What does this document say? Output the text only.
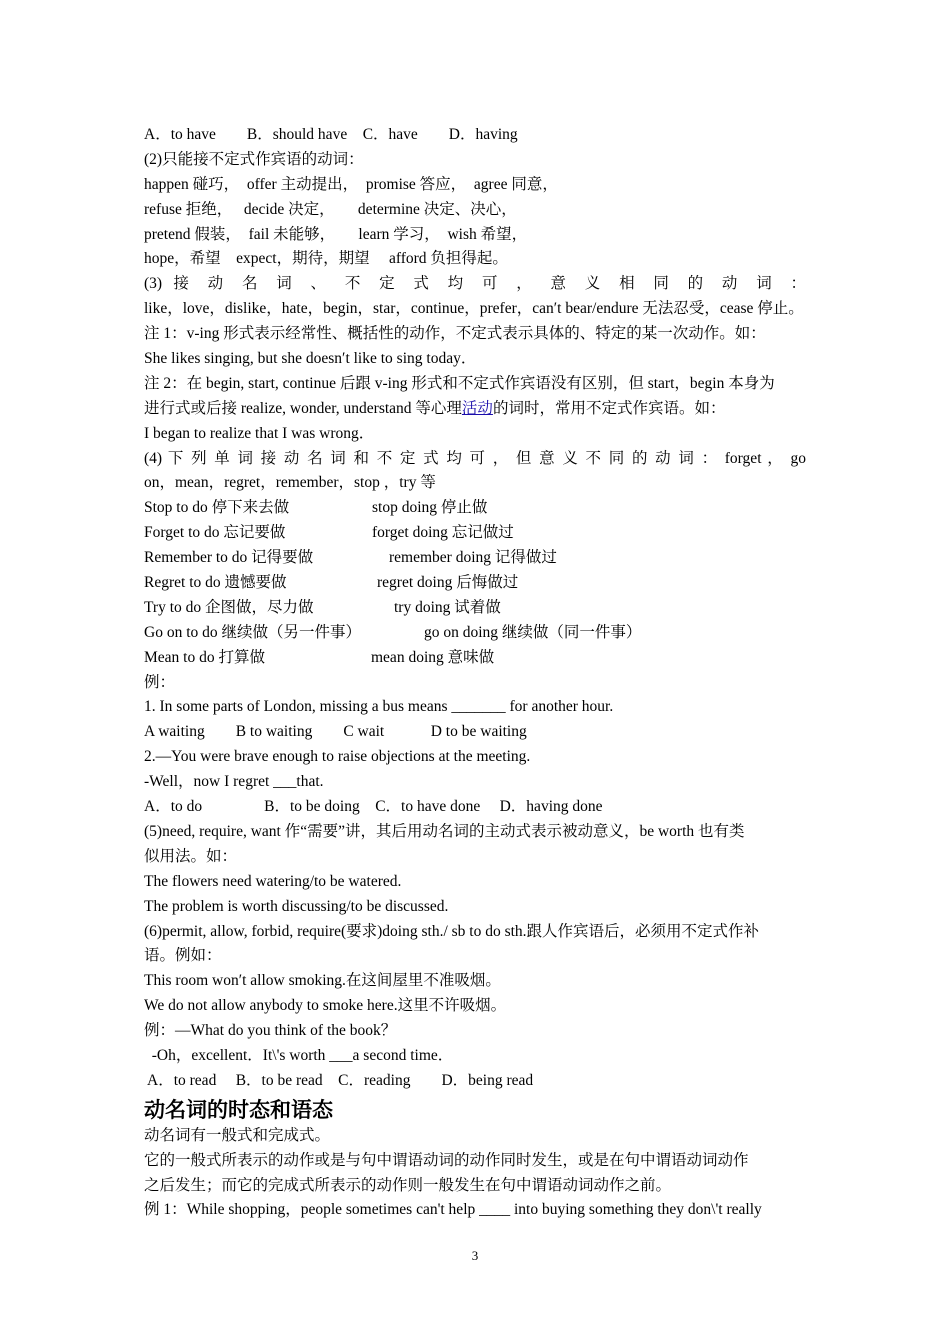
A．to have　　B．should have　C．have　　D．having
(2)只能接不定式作宾语的动词：
happen 碰巧，　offer 主动提出，　promise 答应，　agree 同意，
refuse 拒绝，　 decide 决定，　　determine 决定、决心，
pretend 假装，　fail 未能够，　　learn 学习，　wish 希望，
hope，希望　expect，期待，期望　 afford 负担得起。
(3) 接 动 名 词 、 不 定 式 均 可 ， 意 义 相 同 的 动 词 ：
like，love，dislike，hate，begin，star，continue，prefer，can′t bear/endure 无法忍受，cease 停止。
注 1：v-ing 形式表示经常性、概括性的动作，不定式表示具体的、特定的某一次动作。如：
She likes singing, but she doesn′t like to sing today．
注 2：在 begin, start, continue 后跟 v-ing 形式和不定式作宾语没有区别，但 start，begin 本身为
进行式或后接 realize, wonder, understand 等心理活动的词时，常用不定式作宾语。如：
I began to realize that I was wrong．
(4) 下 列 单 词 接 动 名 词 和 不 定 式 均 可 ， 但 意 义 不 同 的 动 词 ： forget ， go
on，mean，regret，remember，stop ，try 等
Stop to do 停下来去做	stop doing 停止做
Forget to do 忘记要做	forget doing 忘记做过
Remember to do 记得要做	remember doing 记得做过
Regret to do 遗憾要做	regret doing 后悔做过
Try to do 企图做，尽力做	try doing 试着做
Go on to do 继续做（另一件事）	go on doing 继续做（同一件事）
Mean to do 打算做	mean doing 意味做
例：
1. In some parts of London, missing a bus means _______ for another hour.
A waiting　　B to waiting　　C wait　　　D to be waiting
2.—You were brave enough to raise objections at the meeting.
-Well，now I regret ___that.
A．to do　　　　B．to be doing　C．to have done　 D．having done
(5)need, require, want 作“需要”讲，其后用动名词的主动式表示被动意义，be worth 也有类
似用法。如：
The flowers need watering/to be watered.
The problem is worth discussing/to be discussed.
(6)permit, allow, forbid, require(要求)doing sth./ sb to do sth.跟人作宾语后，必须用不定式作补
语。例如：
This room won′t allow smoking.在这间屋里不准吸烟。
We do not allow anybody to smoke here.这里不许吸烟。
例：—What do you think of the book？
-Oh，excellent．It\'s worth ___a second time．
A．to read　 B．to be read　C．reading　　D．being read
动名词的时态和语态
动名词有一般式和完成式。
它的一般式所表示的动作或是与句中谓语动词的动作同时发生，或是在句中谓语动词动作
之后发生；而它的完成式所表示的动作则一般发生在句中谓语动词动作之前。
例 1：While shopping，people sometimes can't help ____ into buying something they don\'t really
3
